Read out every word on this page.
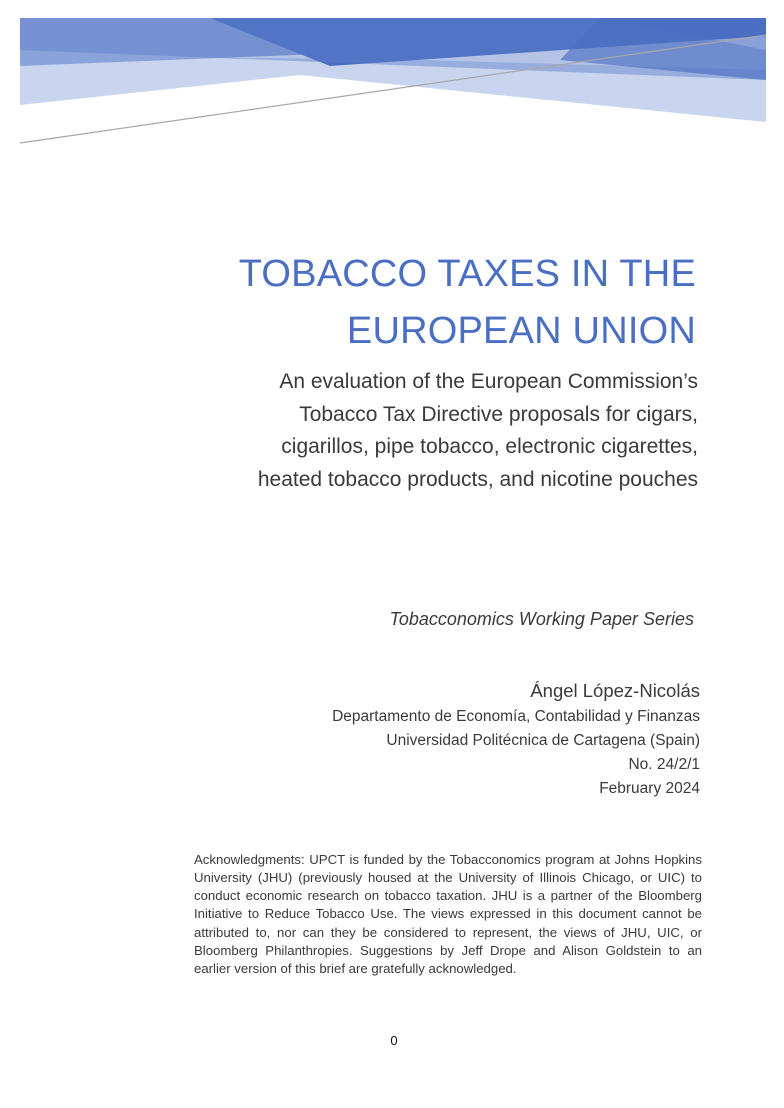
TOBACCO TAXES IN THE
EUROPEAN UNION
An evaluation of the European Commission’s
Tobacco Tax Directive proposals for cigars,
cigarillos, pipe tobacco, electronic cigarettes,
heated tobacco products, and nicotine pouches
Tobacconomics Working Paper Series
Ángel López-Nicolás
Departamento de Economía, Contabilidad y Finanzas
Universidad Politécnica de Cartagena (Spain)
No. 24/2/1
February 2024

Acknowledgments: UPCT is funded by the Tobacconomics program at Johns Hopkins University (JHU) (previously housed at the University of Illinois Chicago, or UIC) to conduct economic research on tobacco taxation. JHU is a partner of the Bloomberg Initiative to Reduce Tobacco Use. The views expressed in this document cannot be attributed to, nor can they be considered to represent, the views of JHU, UIC, or Bloomberg Philanthropies. Suggestions by Jeff Drope and Alison Goldstein to an earlier version of this brief are gratefully acknowledged.

0
